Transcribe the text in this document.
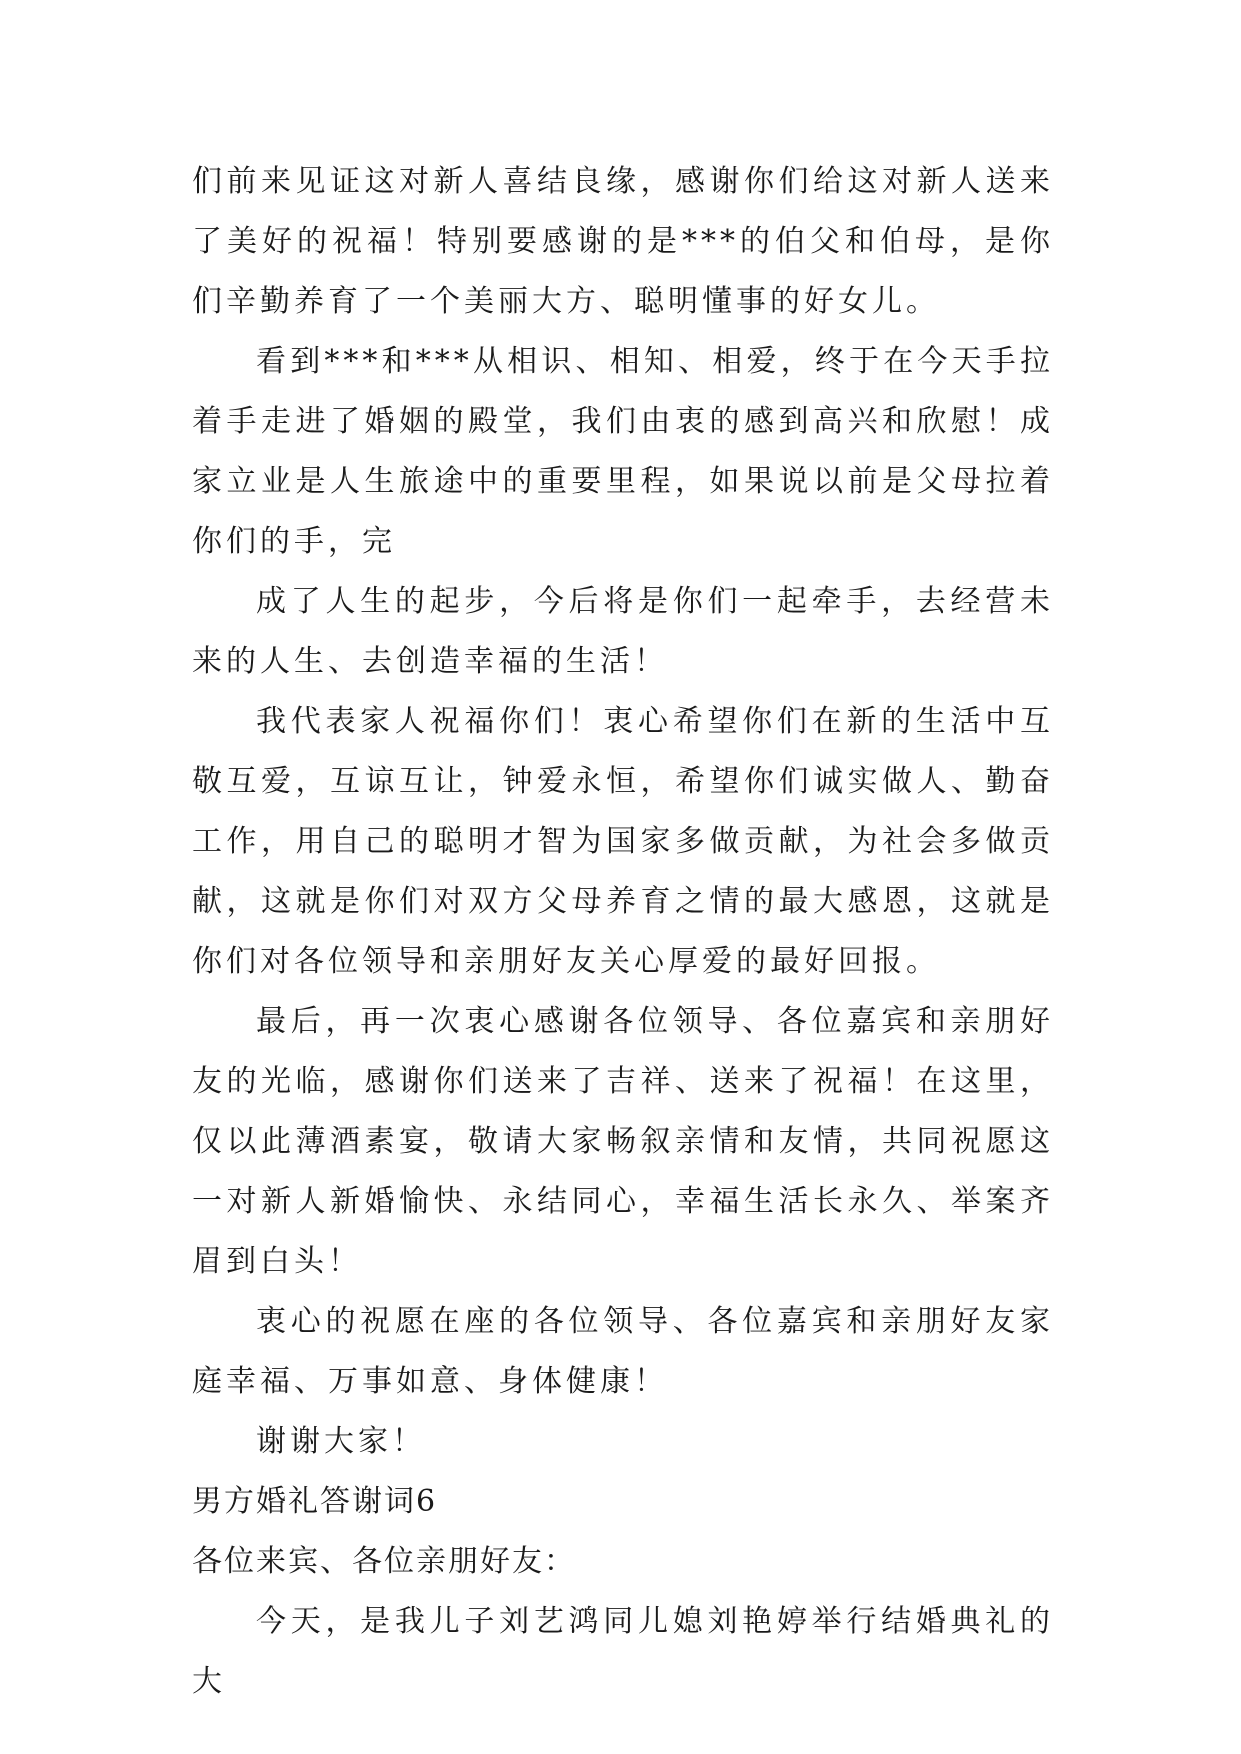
们前来见证这对新人喜结良缘，感谢你们给这对新人送来了美好的祝福！特别要感谢的是***的伯父和伯母，是你们辛勤养育了一个美丽大方、聪明懂事的好女儿。

看到***和***从相识、相知、相爱，终于在今天手拉着手走进了婚姻的殿堂，我们由衷的感到高兴和欣慰！成家立业是人生旅途中的重要里程，如果说以前是父母拉着你们的手，完

成了人生的起步，今后将是你们一起牵手，去经营未来的人生、去创造幸福的生活！

我代表家人祝福你们！衷心希望你们在新的生活中互敬互爱，互谅互让，钟爱永恒，希望你们诚实做人、勤奋工作，用自己的聪明才智为国家多做贡献，为社会多做贡献，这就是你们对双方父母养育之情的最大感恩，这就是你们对各位领导和亲朋好友关心厚爱的最好回报。

最后，再一次衷心感谢各位领导、各位嘉宾和亲朋好友的光临，感谢你们送来了吉祥、送来了祝福！在这里，仅以此薄酒素宴，敬请大家畅叙亲情和友情，共同祝愿这一对新人新婚愉快、永结同心，幸福生活长永久、举案齐眉到白头！

衷心的祝愿在座的各位领导、各位嘉宾和亲朋好友家庭幸福、万事如意、身体健康！

谢谢大家！

男方婚礼答谢词6

各位来宾、各位亲朋好友：

今天，是我儿子刘艺鸿同儿媳刘艳婷举行结婚典礼的大
